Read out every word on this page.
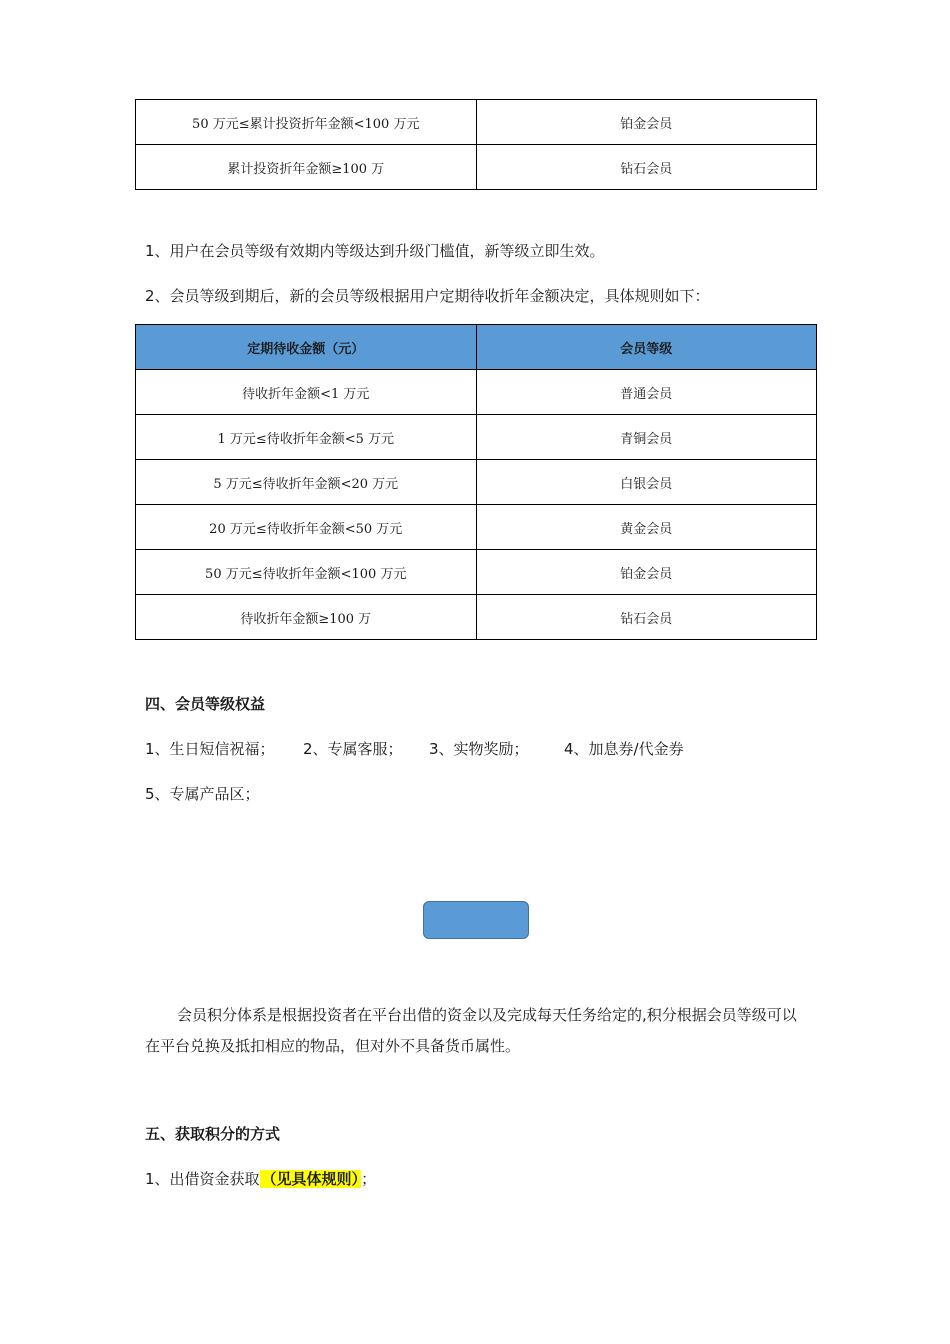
50 万元≤累计投资折年金额<100 万元	铂金会员
累计投资折年金额≥100 万	钻石会员
1、用户在会员等级有效期内等级达到升级门槛值，新等级立即生效。
2、会员等级到期后，新的会员等级根据用户定期待收折年金额决定，具体规则如下：
定期待收金额（元）	会员等级
待收折年金额<1 万元	普通会员
1 万元≤待收折年金额<5 万元	青铜会员
5 万元≤待收折年金额<20 万元	白银会员
20 万元≤待收折年金额<50 万元	黄金会员
50 万元≤待收折年金额<100 万元	铂金会员
待收折年金额≥100 万	钻石会员
四、会员等级权益
1、生日短信祝福； 2、专属客服； 3、实物奖励； 4、加息券/代金券
5、专属产品区；
会员积分体系是根据投资者在平台出借的资金以及完成每天任务给定的,积分根据会员等级可以在平台兑换及抵扣相应的物品，但对外不具备货币属性。
五、获取积分的方式
1、出借资金获取 （见具体规则） ；
